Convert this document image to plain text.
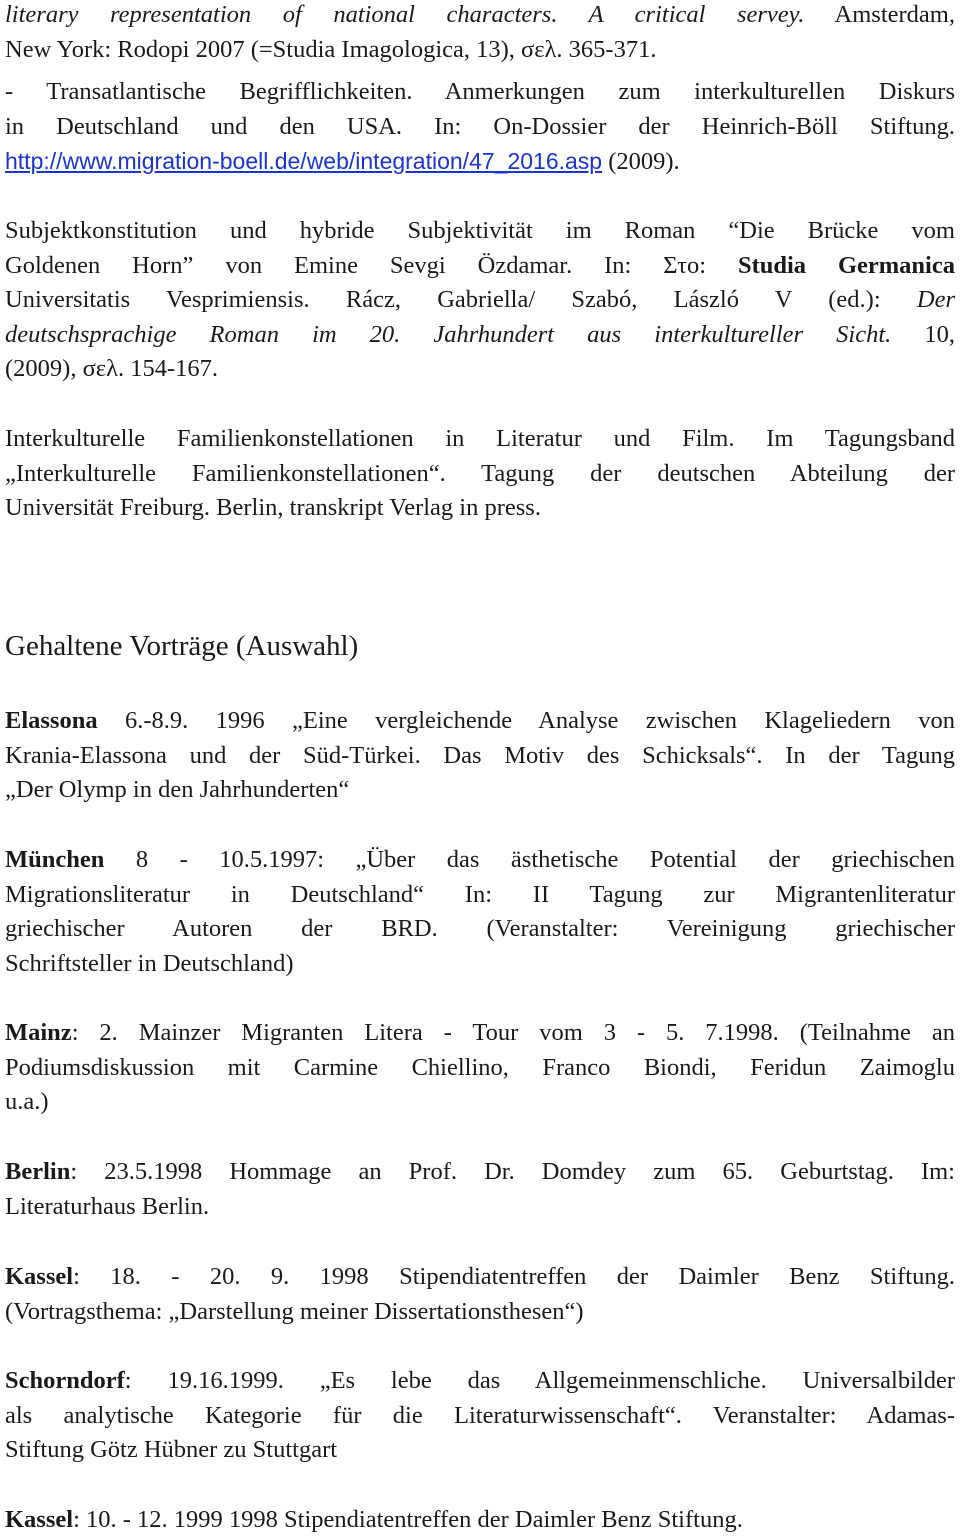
literary representation of national characters. A critical servey. Amsterdam,
New York: Rodopi 2007 (=Studia Imagologica, 13), σελ. 365-371.
- Transatlantische Begrifflichkeiten. Anmerkungen zum interkulturellen Diskurs
in Deutschland und den USA. In: On-Dossier der Heinrich-Böll Stiftung.
http://www.migration-boell.de/web/integration/47_2016.asp (2009).
Subjektkonstitution und hybride Subjektivität im Roman “Die Brücke vom
Goldenen Horn” von Emine Sevgi Özdamar. In: Στο: Studia Germanica
Universitatis Vesprimiensis. Rácz, Gabriella/ Szabó, László V (ed.): Der
deutschsprachige Roman im 20. Jahrhundert aus interkultureller Sicht. 10,
(2009), σελ. 154-167.
Interkulturelle Familienkonstellationen in Literatur und Film. Im Tagungsband
„Interkulturelle Familienkonstellationen“. Tagung der deutschen Abteilung der
Universität Freiburg. Berlin, transkript Verlag in press.
Gehaltene Vorträge (Auswahl)
Elassona 6.-8.9. 1996 „Eine vergleichende Analyse zwischen Klageliedern von
Krania-Elassona und der Süd-Türkei. Das Motiv des Schicksals“. In der Tagung
„Der Olymp in den Jahrhunderten“
München 8 - 10.5.1997: „Über das ästhetische Potential der griechischen
Migrationsliteratur in Deutschland“ In: II Tagung zur Migrantenliteratur
griechischer Autoren der BRD. (Veranstalter: Vereinigung griechischer
Schriftsteller in Deutschland)
Mainz: 2. Mainzer Migranten Litera - Tour vom 3 - 5. 7.1998. (Teilnahme an
Podiumsdiskussion mit Carmine Chiellino, Franco Biondi, Feridun Zaimoglu
u.a.)
Berlin: 23.5.1998 Hommage an Prof. Dr. Domdey zum 65. Geburtstag. Im:
Literaturhaus Berlin.
Kassel: 18. - 20. 9. 1998 Stipendiatentreffen der Daimler Benz Stiftung.
(Vortragsthema: „Darstellung meiner Dissertationsthesen“)
Schorndorf: 19.16.1999. „Es lebe das Allgemeinmenschliche. Universalbilder
als analytische Kategorie für die Literaturwissenschaft“. Veranstalter: Adamas-
Stiftung Götz Hübner zu Stuttgart
Kassel: 10. - 12. 1999 1998 Stipendiatentreffen der Daimler Benz Stiftung.
